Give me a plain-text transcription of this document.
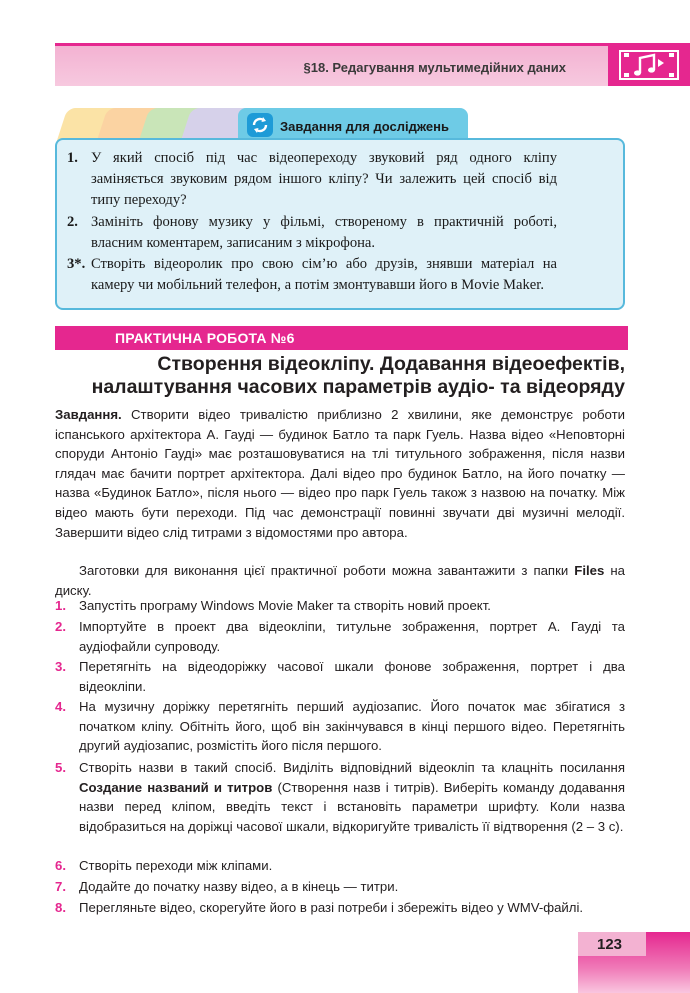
§18. Редагування мультимедійних даних
Завдання для досліджень
1. У який спосіб під час відеопереходу звуковий ряд одного кліпу заміняється звуковим рядом іншого кліпу? Чи залежить цей спосіб від типу переходу?
2. Замініть фонову музику у фільмі, створеному в практичній роботі, власним коментарем, записаним з мікрофона.
3*. Створіть відеоролик про свою сім’ю або друзів, знявши матеріал на камеру чи мобільний телефон, а потім змонтувавши його в Movie Maker.
ПРАКТИЧНА РОБОТА №6
Створення відеокліпу. Додавання відеоефектів,
налаштування часових параметрів аудіо- та відеоряду
Завдання. Створити відео тривалістю приблизно 2 хвилини, яке демонструє роботи іспанського архітектора А. Гауді — будинок Батло та парк Гуель. Назва відео «Неповторні споруди Антоніо Гауді» має розташовуватися на тлі титульного зображення, після назви глядач має бачити портрет архітектора. Далі відео про будинок Батло, на його початку — назва «Будинок Батло», після нього — відео про парк Гуель також з назвою на початку. Між відео мають бути переходи. Під час демонстрації повинні звучати дві музичні мелодії. Завершити відео слід титрами з відомостями про автора.
Заготовки для виконання цієї практичної роботи можна завантажити з папки Files на диску.
1. Запустіть програму Windows Movie Maker та створіть новий проект.
2. Імпортуйте в проект два відеокліпи, титульне зображення, портрет А. Гауді та аудіофайли супроводу.
3. Перетягніть на відеодоріжку часової шкали фонове зображення, портрет і два відеокліпи.
4. На музичну доріжку перетягніть перший аудіозапис. Його початок має збігатися з початком кліпу. Обітніть його, щоб він закінчувався в кінці першого відео. Перетягніть другий аудіозапис, розмістіть його після першого.
5. Створіть назви в такий спосіб. Виділіть відповідний відеокліп та клацніть посилання Создание названий и титров (Створення назв і титрів). Виберіть команду додавання назви перед кліпом, введіть текст і встановіть параметри шрифту. Коли назва відобразиться на доріжці часової шкали, відкоригуйте тривалість її відтворення (2 – 3 с).
6. Створіть переходи між кліпами.
7. Додайте до початку назву відео, а в кінець — титри.
8. Перегляньте відео, скорегуйте його в разі потреби і збережіть відео у WMV-файлі.
123
